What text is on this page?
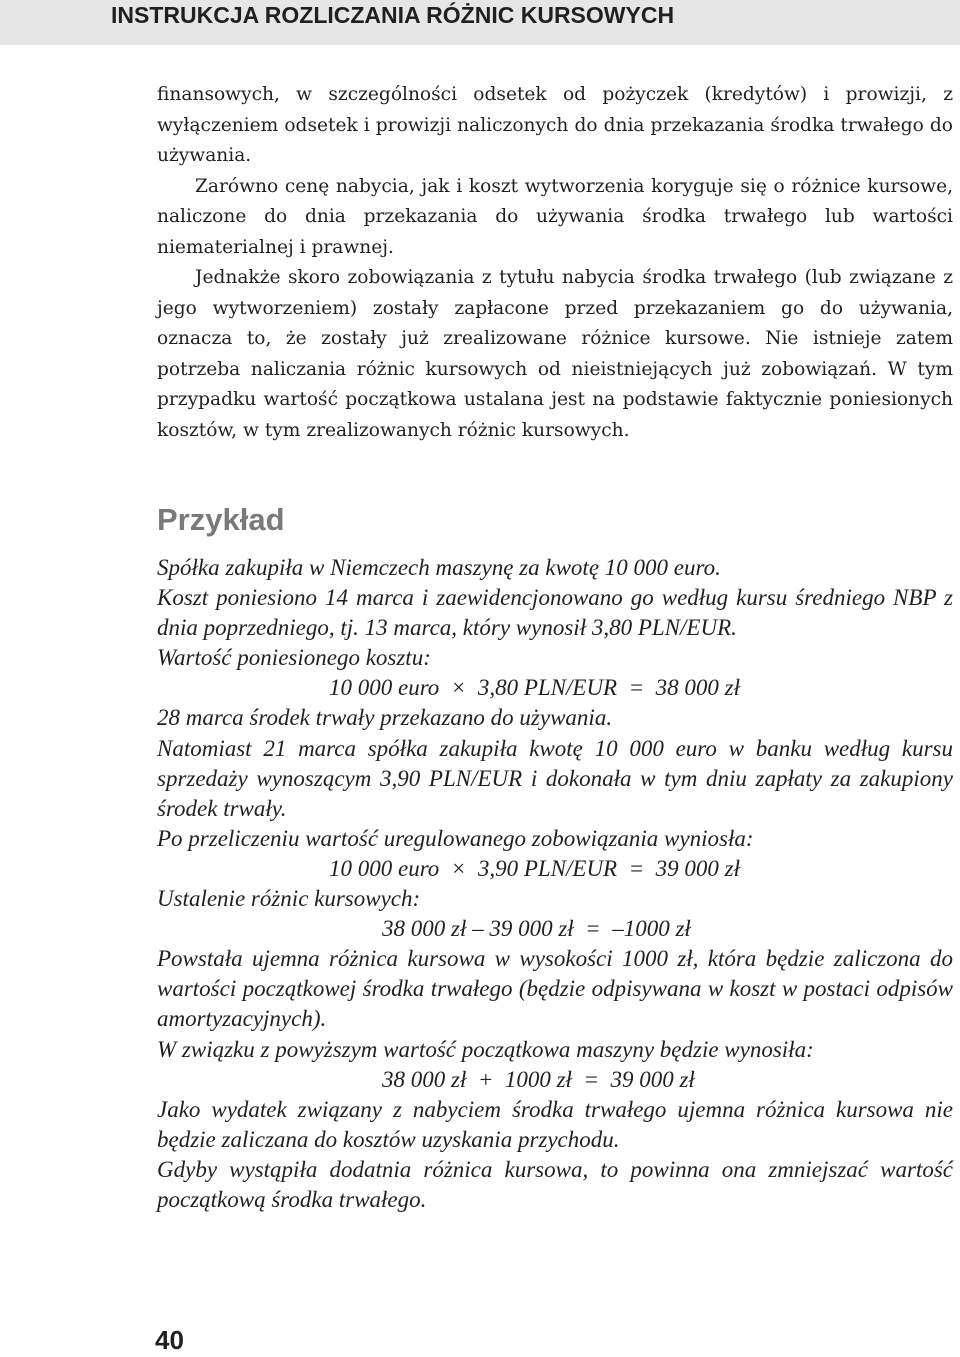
INSTRUKCJA ROZLICZANIA RÓŻNIC KURSOWYCH

finansowych, w szczególności odsetek od pożyczek (kredytów) i prowizji, z wyłączeniem odsetek i prowizji naliczonych do dnia przekazania środka trwałego do używania.

Zarówno cenę nabycia, jak i koszt wytworzenia koryguje się o różnice kursowe, naliczone do dnia przekazania do używania środka trwałego lub wartości niematerialnej i prawnej.

Jednakże skoro zobowiązania z tytułu nabycia środka trwałego (lub związane z jego wytworzeniem) zostały zapłacone przed przekazaniem go do używania, oznacza to, że zostały już zrealizowane różnice kursowe. Nie istnieje zatem potrzeba naliczania różnic kursowych od nieistniejących już zobowiązań. W tym przypadku wartość początkowa ustalana jest na podstawie faktycznie poniesionych kosztów, w tym zrealizowanych różnic kursowych.

Przykład

Spółka zakupiła w Niemczech maszynę za kwotę 10 000 euro.

Koszt poniesiono 14 marca i zaewidencjonowano go według kursu średniego NBP z dnia poprzedniego, tj. 13 marca, który wynosił 3,80 PLN/EUR.

Wartość poniesionego kosztu:

10 000 euro  ×  3,80 PLN/EUR  =  38 000 zł

28 marca środek trwały przekazano do używania.

Natomiast 21 marca spółka zakupiła kwotę 10 000 euro w banku według kursu sprzedaży wynoszącym 3,90 PLN/EUR i dokonała w tym dniu zapłaty za zakupiony środek trwały.

Po przeliczeniu wartość uregulowanego zobowiązania wyniosła:

10 000 euro  ×  3,90 PLN/EUR  =  39 000 zł

Ustalenie różnic kursowych:

38 000 zł – 39 000 zł  =  –1000 zł

Powstała ujemna różnica kursowa w wysokości 1000 zł, która będzie zaliczona do wartości początkowej środka trwałego (będzie odpisywana w koszt w postaci odpisów amortyzacyjnych).

W związku z powyższym wartość początkowa maszyny będzie wynosiła:

38 000 zł  +  1000 zł  =  39 000 zł

Jako wydatek związany z nabyciem środka trwałego ujemna różnica kursowa nie będzie zaliczana do kosztów uzyskania przychodu.

Gdyby wystąpiła dodatnia różnica kursowa, to powinna ona zmniejszać wartość początkową środka trwałego.

40
